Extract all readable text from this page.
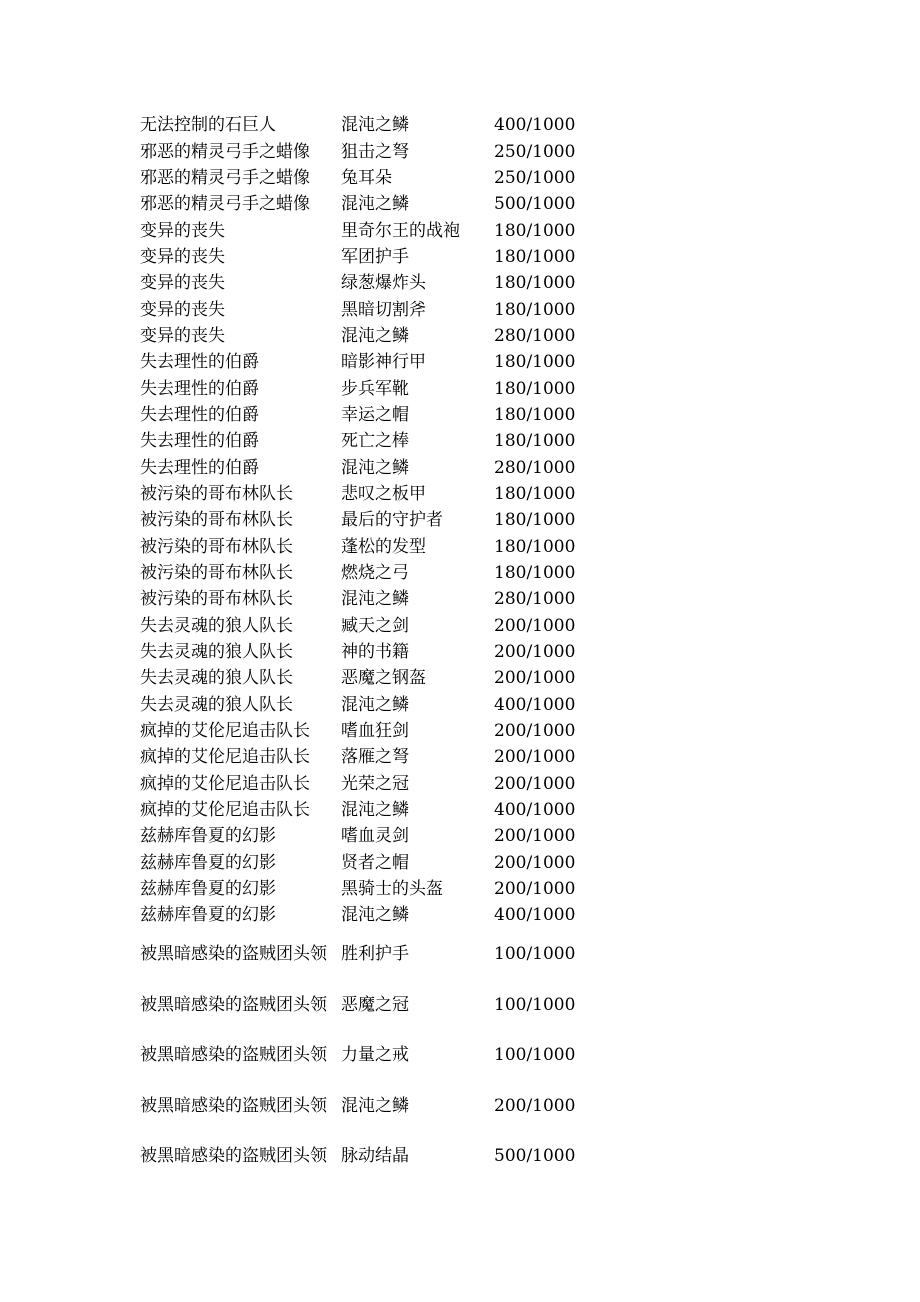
无法控制的石巨人	混沌之鳞	400/1000
邪恶的精灵弓手之蜡像	狙击之弩	250/1000
邪恶的精灵弓手之蜡像	兔耳朵	250/1000
邪恶的精灵弓手之蜡像	混沌之鳞	500/1000
变异的丧失	里奇尔王的战袍	180/1000
变异的丧失	军团护手	180/1000
变异的丧失	绿葱爆炸头	180/1000
变异的丧失	黑暗切割斧	180/1000
变异的丧失	混沌之鳞	280/1000
失去理性的伯爵	暗影神行甲	180/1000
失去理性的伯爵	步兵军靴	180/1000
失去理性的伯爵	幸运之帽	180/1000
失去理性的伯爵	死亡之棒	180/1000
失去理性的伯爵	混沌之鳞	280/1000
被污染的哥布林队长	悲叹之板甲	180/1000
被污染的哥布林队长	最后的守护者	180/1000
被污染的哥布林队长	蓬松的发型	180/1000
被污染的哥布林队长	燃烧之弓	180/1000
被污染的哥布林队长	混沌之鳞	280/1000
失去灵魂的狼人队长	臧天之剑	200/1000
失去灵魂的狼人队长	神的书籍	200/1000
失去灵魂的狼人队长	恶魔之钢盔	200/1000
失去灵魂的狼人队长	混沌之鳞	400/1000
疯掉的艾伦尼追击队长	嗜血狂剑	200/1000
疯掉的艾伦尼追击队长	落雁之弩	200/1000
疯掉的艾伦尼追击队长	光荣之冠	200/1000
疯掉的艾伦尼追击队长	混沌之鳞	400/1000
兹赫库鲁夏的幻影	嗜血灵剑	200/1000
兹赫库鲁夏的幻影	贤者之帽	200/1000
兹赫库鲁夏的幻影	黑骑士的头盔	200/1000
兹赫库鲁夏的幻影	混沌之鳞	400/1000
被黑暗感染的盗贼团头领	胜利护手	100/1000
被黑暗感染的盗贼团头领	恶魔之冠	100/1000
被黑暗感染的盗贼团头领	力量之戒	100/1000
被黑暗感染的盗贼团头领	混沌之鳞	200/1000
被黑暗感染的盗贼团头领	脉动结晶	500/1000
